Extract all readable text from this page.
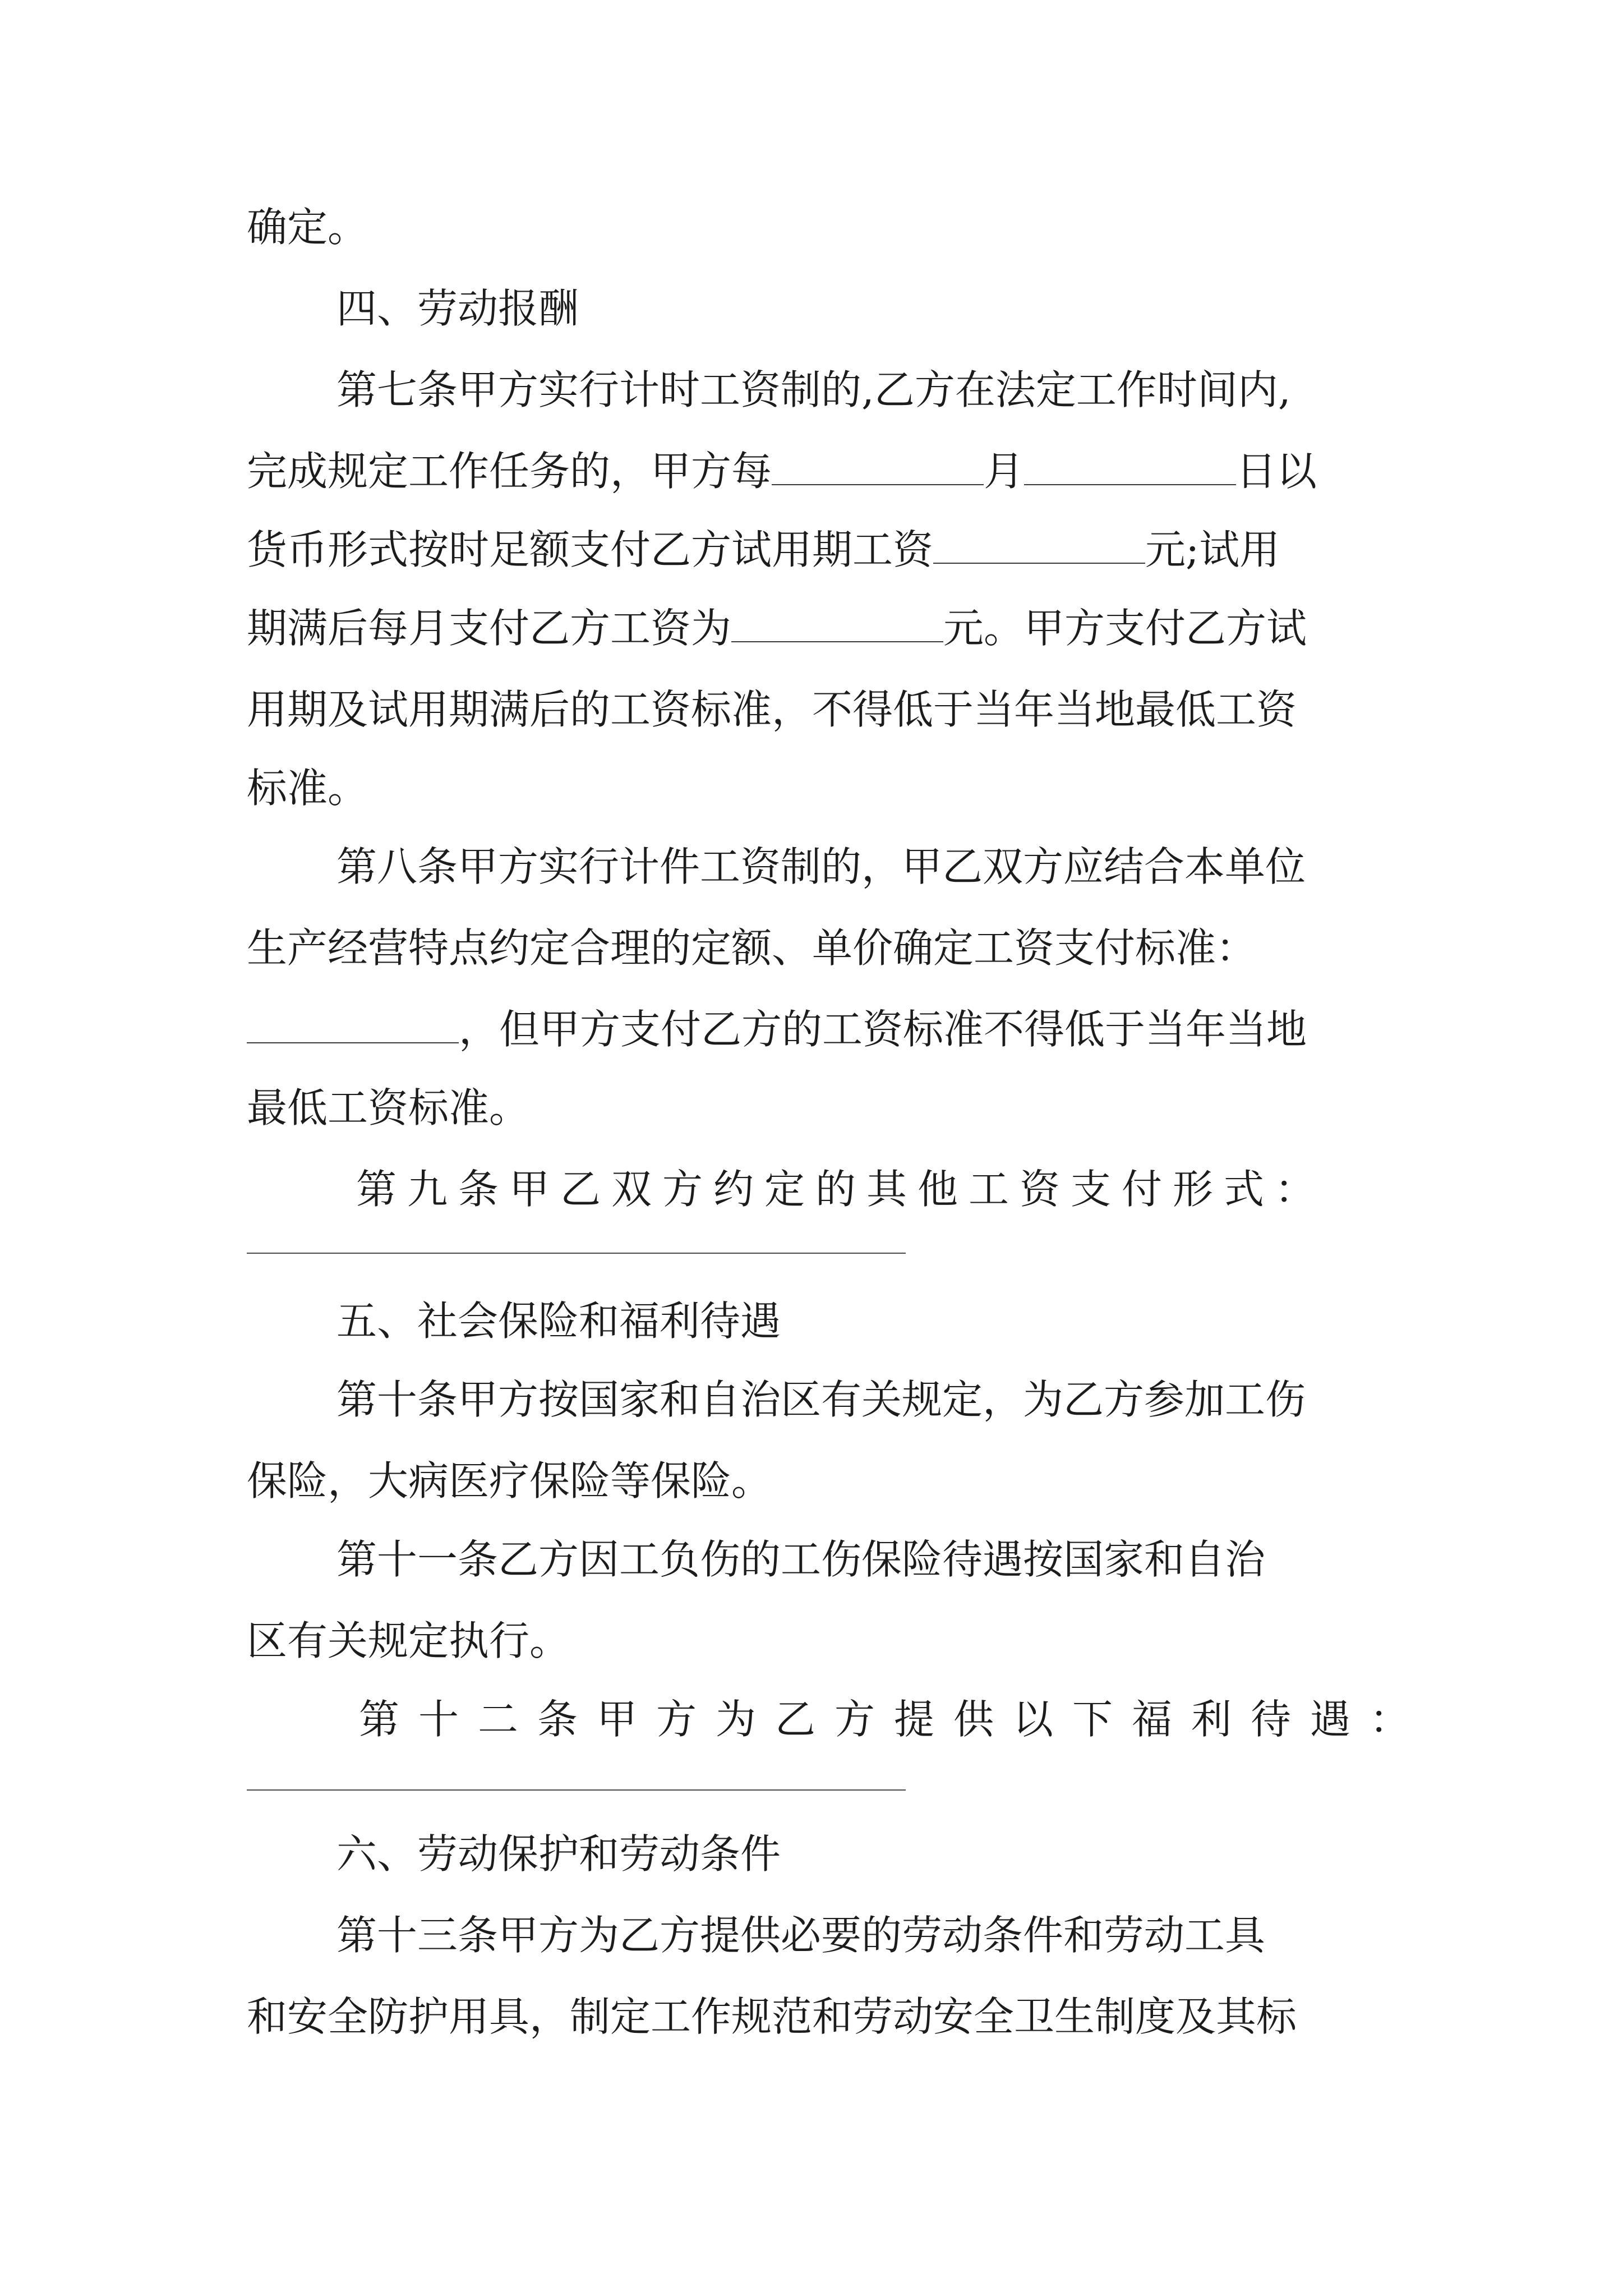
确定。
四、劳动报酬
第七条甲方实行计时工资制的,乙方在法定工作时间内,
完成规定工作任务的，甲方每	月	日以
货币形式按时足额支付乙方试用期工资	元;试用
期满后每月支付乙方工资为	元。甲方支付乙方试
用期及试用期满后的工资标准，不得低于当年当地最低工资
标准。
第八条甲方实行计件工资制的，甲乙双方应结合本单位
生产经营特点约定合理的定额、单价确定工资支付标准：
，但甲方支付乙方的工资标准不得低于当年当地
最低工资标准。
第九条甲乙双方约定的其他工资支付形式：
五、社会保险和福利待遇
第十条甲方按国家和自治区有关规定，为乙方参加工伤
保险，大病医疗保险等保险。
第十一条乙方因工负伤的工伤保险待遇按国家和自治
区有关规定执行。
第十二条甲方为乙方提供以下福利待遇：
六、劳动保护和劳动条件
第十三条甲方为乙方提供必要的劳动条件和劳动工具
和安全防护用具，制定工作规范和劳动安全卫生制度及其标
